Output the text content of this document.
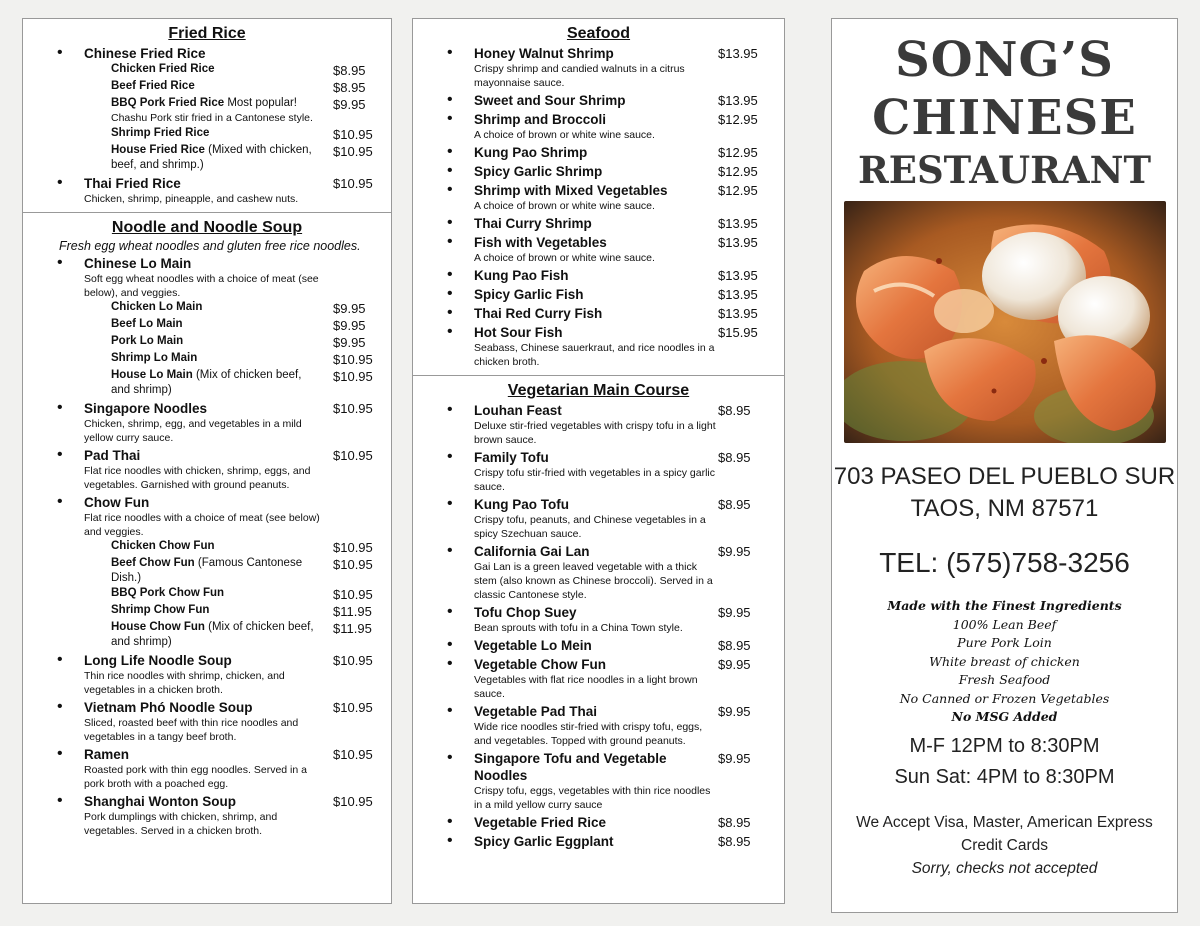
Fried Rice
• Chinese Fried Rice
Chicken Fried Rice	$8.95
Beef Fried Rice	$8.95
BBQ Pork Fried Rice Most popular!
Chashu Pork stir fried in a Cantonese style.
$9.95
Shrimp Fried Rice	$10.95
House Fried Rice (Mixed with chicken, beef, and shrimp.)
$10.95
• Thai Fried Rice	$10.95
Chicken, shrimp, pineapple, and cashew nuts.
Noodle and Noodle Soup
Fresh egg wheat noodles and gluten free rice noodles.
• Chinese Lo Main
Soft egg wheat noodles with a choice of meat (see below), and veggies.
Chicken Lo Main	$9.95
Beef Lo Main	$9.95
Pork Lo Main	$9.95
Shrimp Lo Main	$10.95
House Lo Main (Mix of chicken beef, and shrimp)
$10.95
• Singapore Noodles	$10.95
Chicken, shrimp, egg, and vegetables in a mild yellow curry sauce.
• Pad Thai	$10.95
Flat rice noodles with chicken, shrimp, eggs, and vegetables. Garnished with ground peanuts.
• Chow Fun
Flat rice noodles with a choice of meat (see below) and veggies.
Chicken Chow Fun	$10.95
Beef Chow Fun (Famous Cantonese Dish.)
$10.95
BBQ Pork Chow Fun	$10.95
Shrimp Chow Fun	$11.95
House Chow Fun (Mix of chicken beef, and shrimp)
$11.95
• Long Life Noodle Soup	$10.95
Thin rice noodles with shrimp, chicken, and vegetables in a chicken broth.
• Vietnam Phó Noodle Soup	$10.95
Sliced, roasted beef with thin rice noodles and vegetables in a tangy beef broth.
• Ramen	$10.95
Roasted pork with thin egg noodles. Served in a pork broth with a poached egg.
• Shanghai Wonton Soup	$10.95
Pork dumplings with chicken, shrimp, and vegetables. Served in a chicken broth.
Seafood
• Honey Walnut Shrimp	$13.95
Crispy shrimp and candied walnuts in a citrus mayonnaise sauce.
• Sweet and Sour Shrimp	$13.95
• Shrimp and Broccoli	$12.95
A choice of brown or white wine sauce.
• Kung Pao Shrimp	$12.95
• Spicy Garlic Shrimp	$12.95
• Shrimp with Mixed Vegetables	$12.95
A choice of brown or white wine sauce.
• Thai Curry Shrimp	$13.95
• Fish with Vegetables	$13.95
A choice of brown or white wine sauce.
• Kung Pao Fish	$13.95
• Spicy Garlic Fish	$13.95
• Thai Red Curry Fish	$13.95
• Hot Sour Fish	$15.95
Seabass, Chinese sauerkraut, and rice noodles in a chicken broth.
Vegetarian Main Course
• Louhan Feast	$8.95
Deluxe stir-fried vegetables with crispy tofu in a light brown sauce.
• Family Tofu	$8.95
Crispy tofu stir-fried with vegetables in a spicy garlic sauce.
• Kung Pao Tofu	$8.95
Crispy tofu, peanuts, and Chinese vegetables in a spicy Szechuan sauce.
• California Gai Lan	$9.95
Gai Lan is a green leaved vegetable with a thick stem (also known as Chinese broccoli). Served in a classic Cantonese style.
• Tofu Chop Suey	$9.95
Bean sprouts with tofu in a China Town style.
• Vegetable Lo Mein	$8.95
• Vegetable Chow Fun	$9.95
Vegetables with flat rice noodles in a light brown sauce.
• Vegetable Pad Thai	$9.95
Wide rice noodles stir-fried with crispy tofu, eggs, and vegetables. Topped with ground peanuts.
• Singapore Tofu and Vegetable Noodles
$9.95
Crispy tofu, eggs, vegetables with thin rice noodles in a mild yellow curry sauce
• Vegetable Fried Rice	$8.95
• Spicy Garlic Eggplant	$8.95
SONG’S
CHINESE
RESTAURANT
703 PASEO DEL PUEBLO SUR
TAOS, NM 87571
TEL: (575)758-3256
Made with the Finest Ingredients
100% Lean Beef
Pure Pork Loin
White breast of chicken
Fresh Seafood
No Canned or Frozen Vegetables
No MSG Added
M-F 12PM to 8:30PM
Sun Sat: 4PM to 8:30PM
We Accept Visa, Master, American Express
Credit Cards
Sorry, checks not accepted
